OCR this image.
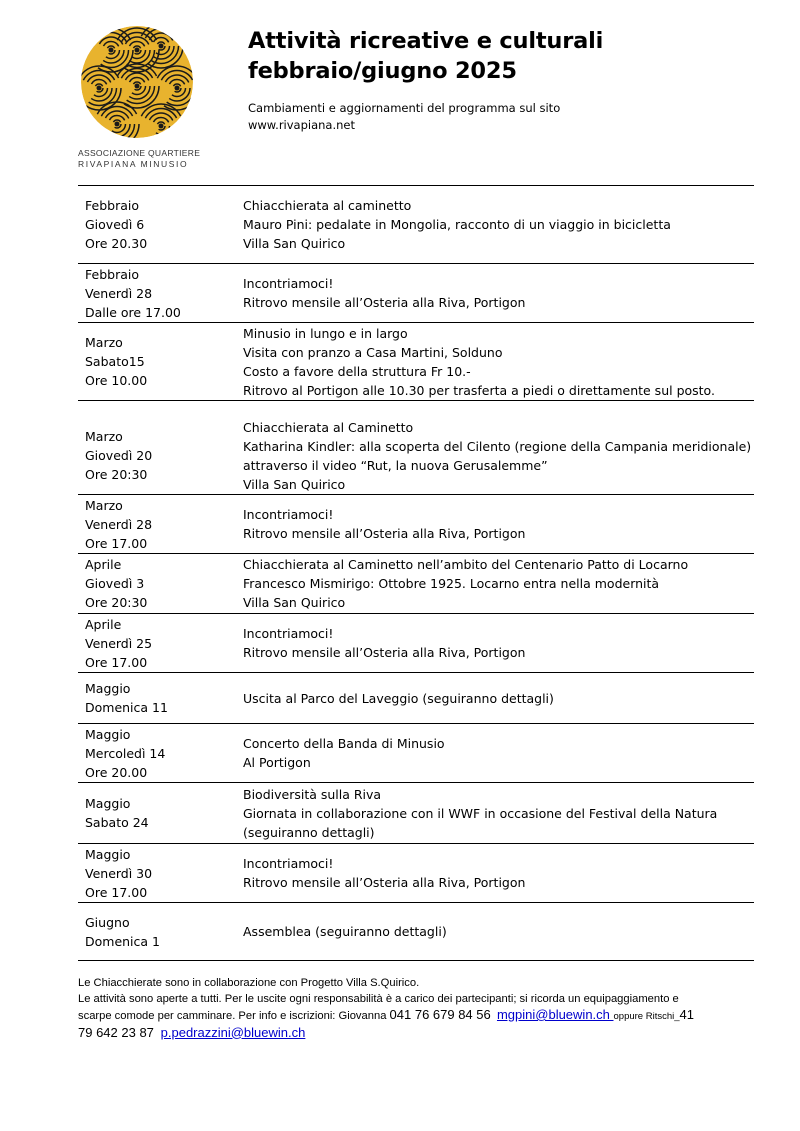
ASSOCIAZIONE QUARTIERE
RIVAPIANA MINUSIO
Attività ricreative e culturali
febbraio/giugno 2025
Cambiamenti e aggiornamenti del programma sul sito
www.rivapiana.net
Febbraio
Giovedì 6
Ore 20.30	Chiacchierata al caminetto
Mauro Pini: pedalate in Mongolia, racconto di un viaggio in bicicletta
Villa San Quirico

Febbraio
Venerdì 28
Dalle ore 17.00	Incontriamoci!
Ritrovo mensile all’Osteria alla Riva, Portigon

Marzo
Sabato15
Ore 10.00	Minusio in lungo e in largo
Visita con pranzo a Casa Martini, Solduno
Costo a favore della struttura Fr 10.-
Ritrovo al Portigon alle 10.30 per trasferta a piedi o direttamente sul posto.

Marzo
Giovedì 20
Ore 20:30	Chiacchierata al Caminetto
Katharina Kindler: alla scoperta del Cilento (regione della Campania meridionale)
attraverso il video “Rut, la nuova Gerusalemme”
Villa San Quirico

Marzo
Venerdì 28
Ore 17.00	Incontriamoci!
Ritrovo mensile all’Osteria alla Riva, Portigon

Aprile
Giovedì 3
Ore 20:30	Chiacchierata al Caminetto nell’ambito del Centenario Patto di Locarno
Francesco Mismirigo: Ottobre 1925. Locarno entra nella modernità
Villa San Quirico

Aprile
Venerdì 25
Ore 17.00	Incontriamoci!
Ritrovo mensile all’Osteria alla Riva, Portigon

Maggio
Domenica 11	Uscita al Parco del Laveggio (seguiranno dettagli)

Maggio
Mercoledì 14
Ore 20.00	Concerto della Banda di Minusio
Al Portigon

Maggio
Sabato 24	Biodiversità sulla Riva
Giornata in collaborazione con il WWF in occasione del Festival della Natura
(seguiranno dettagli)

Maggio
Venerdì 30
Ore 17.00	Incontriamoci!
Ritrovo mensile all’Osteria alla Riva, Portigon

Giugno
Domenica 1	Assemblea (seguiranno dettagli)
Le Chiacchierate sono in collaborazione con Progetto Villa S.Quirico.
Le attività sono aperte a tutti. Per le uscite ogni responsabilità è a carico dei partecipanti; si ricorda un equipaggiamento e
scarpe comode per camminare. Per info e iscrizioni: Giovanna 041 76 679 84 56 mgpini@bluewin.ch oppure Ritschi_41
79 642 23 87  p.pedrazzini@bluewin.ch
